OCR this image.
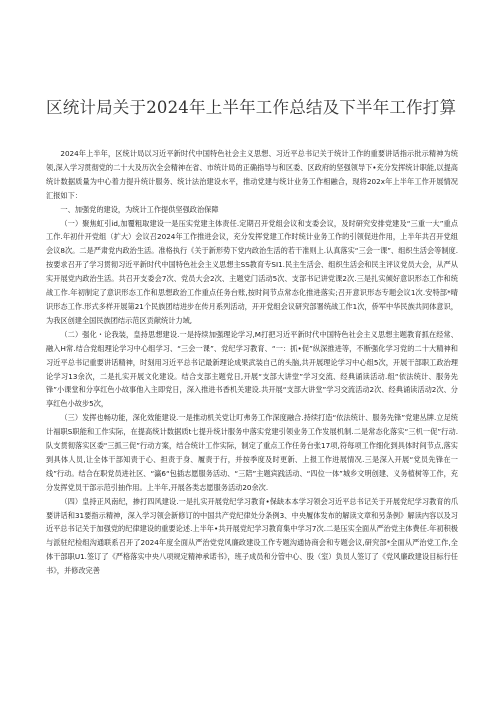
区统计局关于2024年上半年工作总结及下半年工作打算

2024年上半年，区统计局以习近平新时代中国特色社会主义思想、习近平总书记关于统计工作的重要讲话指示批示精神为统领,深入学习贯彻党的二十大及历次全会精神在省、市统计局的正确指导与和区委、区政府的坚强领导下•充分发挥统计职能,以提高统计数据质量为中心着力提升统计服务、统计法治建设水平，推动党建与统计业务工作相融合，现将202ⅹ年上半年工作开展情况汇报如下：

一、加强党的建设，为统计工作提供坚强政治保障

（一）聚焦虹引id,加覆粗取建设一是压实党建主体责任.定期召开党组会议和支委会议，及时研究安排党建及“三重一大”重点工作.年初什开党组（扩大）会议召2024年工作推进会议，充分发挥党建工作时统计业务工作的引领促进作用，上半年共召开党组会议8次。二是严肃党内政治生活。准格执行《关于新形势下党内政治生活的若干准则上.认真落实“三会一课”、组织生活会等制度.按要求召开了学习贯彻习近平新时代中国特色社会主义思想主SS教育专SI1.民主生活会、组织生活会和民主评议党员大会，从严从实开展党内政治生活。共召开支委会7次、党员大会2次、主题党门活动5次、支部书记讲党课2次.三是扎实倾好意识形态工作和统战工作.年初制定了意识形态工作和思想政治工作重点任务台账,按时间节点常态化推进落实;召开意识形态专题会议1次.安特部*晴识形态工作.形式多样开展第21个民族团结进步在传月系列活动，开开党组会议研究部署统战工作1次，侨军中华民族共同体意识，为我区创建全国民族团结示范区贡献统计力域,

（二）强化・论我装，皇持思想建设.一是持续加强理论学习,M打把习近平新时代中国特色社会主义思想主题教育抓在经常、融入H常.结合党组理论学习中心组学习、“三会一课”、党纪学习教育、“一：抓•促”纵深推进等，不断强化学习党的二十大精神和习近平总书记重要讲话精神，时刻用习近平总书记最新理论成果武装自己的头脑,共开展理论学习中心组5次，开展干部职工政治理论学习13余次，二是扎实开展文化建设。结合支部主题党日,开展“支部大讲堂”学习交流、经典诵读活动.组“依法统计、服务先锋”小课堂和分享红色小故事他入主即党日，深入推进书香机关建设.共开展“支部大讲堂”学习交流活动2次、经典诵读活动2次、分享红色小故步5次，

（三）发挥也畅功能，深化效能建设.一是推动机关党让叮弗务工作深度融合.持续打造“依法统计、服务先锋”党建丛牌.立足统计福职S职能和工作实际，在提高统计数据质t七提升统计服务中落实党建引领业务工作发展机制.二是常态化落实“三机一促”行动.队支贯彻落实区委"三抓三促”行动方案，结合统计工作实际，制定了重点工作任务台张17项,符每项工作细化到具体时间节点,落实到具体人员,让全体干部知责于心、担责于身、履责于行，并按季度及时更新、上报工作进展情况.三是深入开展“党员先锋在一线”行动。结合在职党员进社区、“瀛6“包插志愿服务活动、“三陪”主题宾践活动、“四位一体”城乡文明创建、义务植树等工作，充分发挥党员干部示范引抽作用。上半年,开展各类志愿服务活动20余次.

（四）皇持正风南纪，掺打四风建设.一是扎实开展党纪学习教育•保缺本本学习领会习近平总书记关于开展党纪学习教育的爪要讲话和31要指示精神，深入学习领会新修订的中国共产党纪律处分条例3、中央履体发布的解读文章和另条例》解读内容以及习近平总书记关于加强党的纪律建设的重要论述.上半年•共开展党纪学习教育集中学习7次.二是压实全面从严治党主体费任.年初积极与派驻纪检组沟通联系召开了2024年度全面从严治党党风廉政建设工作专题沟通协商会和专题会议,研究部*全面从严治党工作,全体干部职U1.签订了《严格落实中央八项规定精神承诺书》，班子成员和分管中心、股（室）负员人签订了《党风廉政建设目标行任书》，并修改完善
